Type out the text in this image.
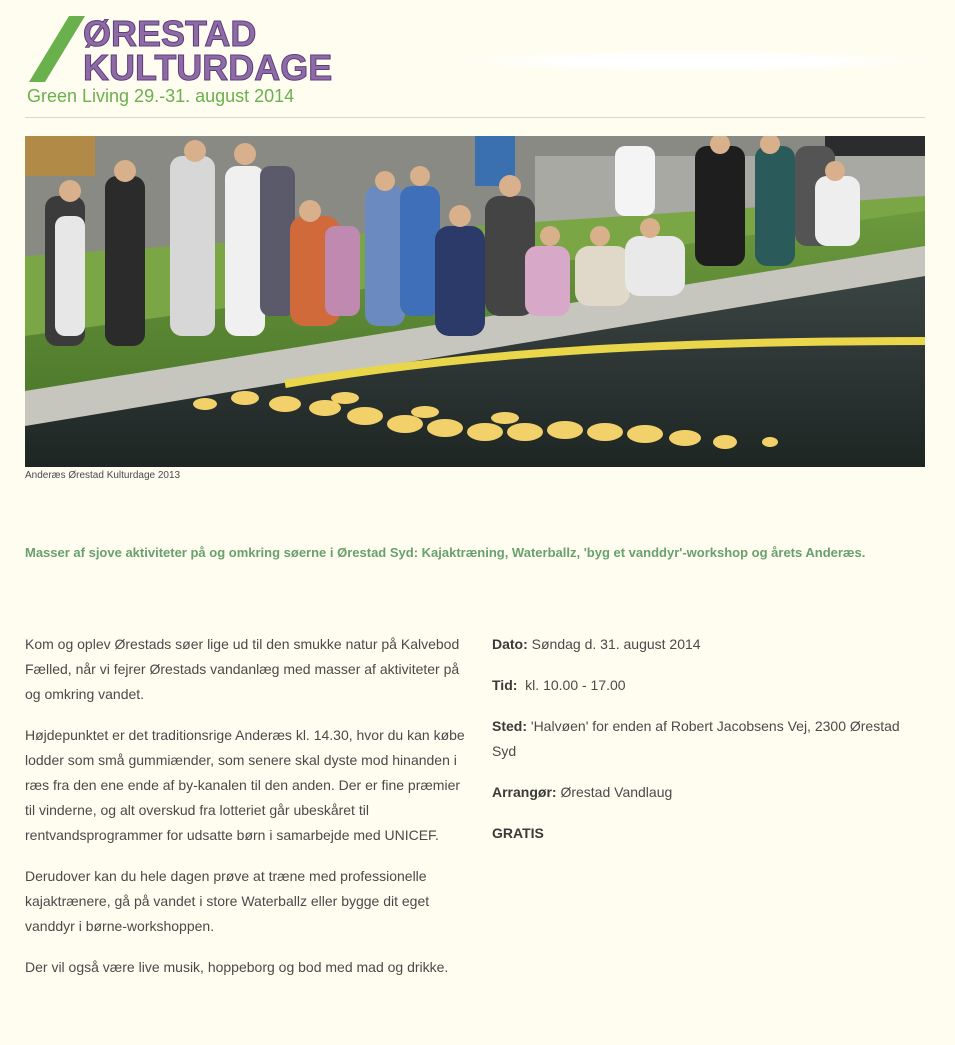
ØRESTAD
KULTURDAGE
Green Living 29.-31. august 2014
Anderæs Ørestad Kulturdage 2013
Masser af sjove aktiviteter på og omkring søerne i Ørestad Syd: Kajaktræning, Waterballz, 'byg et vanddyr'-workshop og årets Anderæs.

Kom og oplev Ørestads søer lige ud til den smukke natur på Kalvebod Fælled, når vi fejrer Ørestads vandanlæg med masser af aktiviteter på og omkring vandet.

Højdepunktet er det traditionsrige Anderæs kl. 14.30, hvor du kan købe lodder som små gummiænder, som senere skal dyste mod hinanden i ræs fra den ene ende af by-kanalen til den anden. Der er fine præmier til vinderne, og alt overskud fra lotteriet går ubeskåret til rentvandsprogrammer for udsatte børn i samarbejde med UNICEF.

Derudover kan du hele dagen prøve at træne med professionelle kajaktrænere, gå på vandet i store Waterballz eller bygge dit eget vanddyr i børne-workshoppen.

Der vil også være live musik, hoppeborg og bod med mad og drikke.

Dato: Søndag d. 31. august 2014
Tid:  kl. 10.00 - 17.00
Sted: 'Halvøen' for enden af Robert Jacobsens Vej, 2300 Ørestad Syd
Arrangør: Ørestad Vandlaug
GRATIS
